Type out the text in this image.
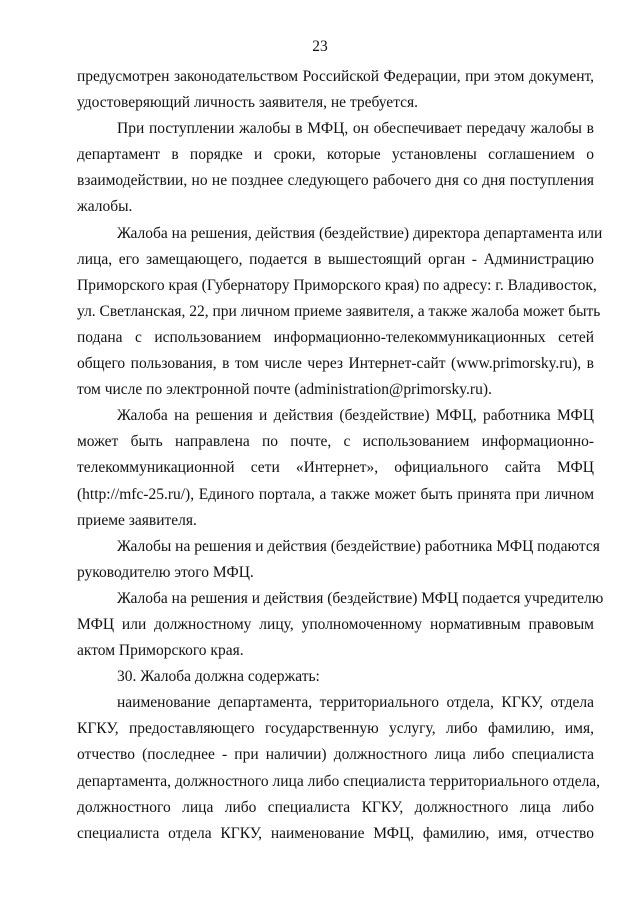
23
предусмотрен законодательством Российской Федерации, при этом документ,
удостоверяющий личность заявителя, не требуется.
При поступлении жалобы в МФЦ, он обеспечивает передачу жалобы в
департамент в порядке и сроки, которые установлены соглашением о
взаимодействии, но не позднее следующего рабочего дня со дня поступления
жалобы.
Жалоба на решения, действия (бездействие) директора департамента или
лица, его замещающего, подается в вышестоящий орган - Администрацию
Приморского края (Губернатору Приморского края) по адресу: г. Владивосток,
ул. Светланская, 22, при личном приеме заявителя, а также жалоба может быть
подана с использованием информационно-телекоммуникационных сетей
общего пользования, в том числе через Интернет-сайт (www.primorsky.ru), в
том числе по электронной почте (administration@primorsky.ru).
Жалоба на решения и действия (бездействие) МФЦ, работника МФЦ
может быть направлена по почте, с использованием информационно-
телекоммуникационной сети «Интернет», официального сайта МФЦ
(http://mfc-25.ru/), Единого портала, а также может быть принята при личном
приеме заявителя.
Жалобы на решения и действия (бездействие) работника МФЦ подаются
руководителю этого МФЦ.
Жалоба на решения и действия (бездействие) МФЦ подается учредителю
МФЦ или должностному лицу, уполномоченному нормативным правовым
актом Приморского края.
30. Жалоба должна содержать:
наименование департамента, территориального отдела, КГКУ, отдела
КГКУ, предоставляющего государственную услугу, либо фамилию, имя,
отчество (последнее - при наличии) должностного лица либо специалиста
департамента, должностного лица либо специалиста территориального отдела,
должностного лица либо специалиста КГКУ, должностного лица либо
специалиста отдела КГКУ, наименование МФЦ, фамилию, имя, отчество
